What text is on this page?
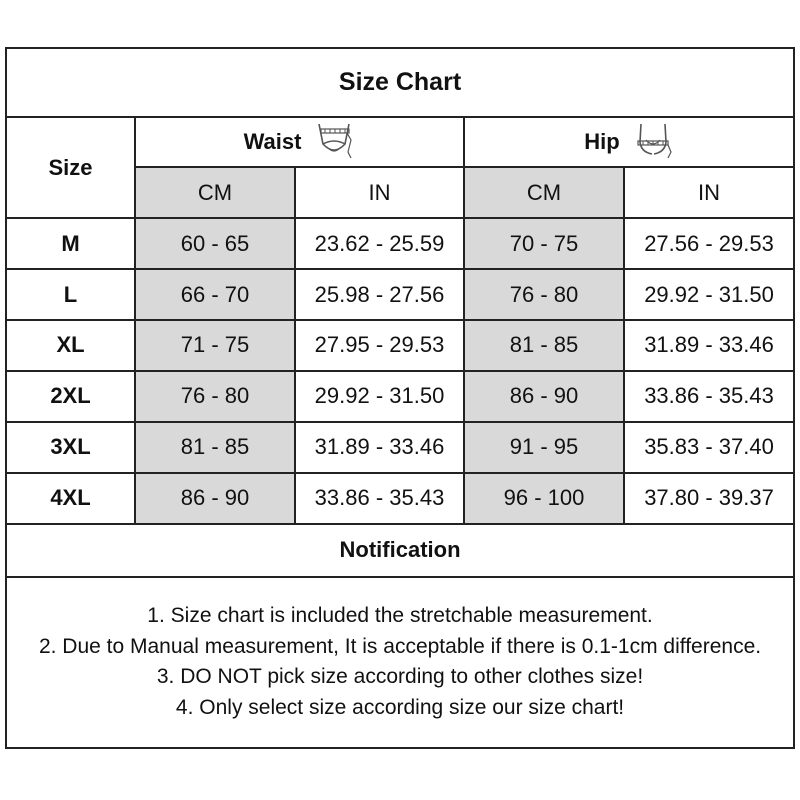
Size Chart				
Size	Waist		Hip	

	CM	IN	CM	IN
M	60 - 65	23.62 - 25.59	70 - 75	27.56 - 29.53
L	66 - 70	25.98 - 27.56	76 - 80	29.92 - 31.50
XL	71 - 75	27.95 - 29.53	81 - 85	31.89 - 33.46
2XL	76 - 80	29.92 - 31.50	86 - 90	33.86 - 35.43
3XL	81 - 85	31.89 - 33.46	91 - 95	35.83 - 37.40
4XL	86 - 90	33.86 - 35.43	96 - 100	37.80 - 39.37
Notification				

1. Size chart is included the stretchable measurement.
2. Due to Manual measurement, It is acceptable if there is 0.1-1cm difference.
3. DO NOT pick size according to other clothes size!
4. Only select size according size our size chart!				
